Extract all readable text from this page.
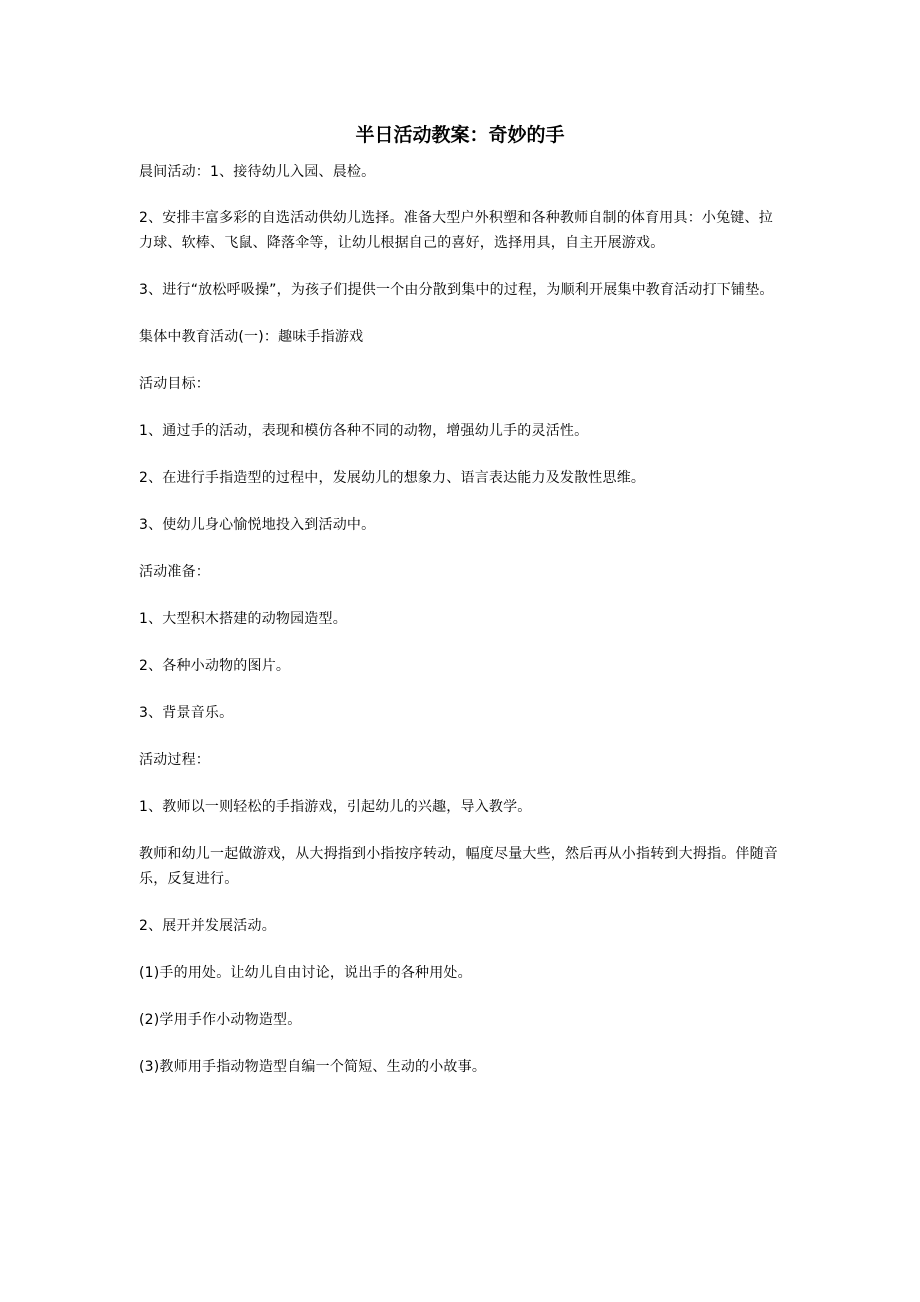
半日活动教案：奇妙的手

晨间活动：1、接待幼儿入园、晨检。

2、安排丰富多彩的自选活动供幼儿选择。准备大型户外积塑和各种教师自制的体育用具：小兔键、拉力球、软棒、飞鼠、降落伞等，让幼儿根据自己的喜好，选择用具，自主开展游戏。

3、进行“放松呼吸操”，为孩子们提供一个由分散到集中的过程，为顺利开展集中教育活动打下铺垫。

集体中教育活动(一)：趣味手指游戏

活动目标：

1、通过手的活动，表现和模仿各种不同的动物，增强幼儿手的灵活性。

2、在进行手指造型的过程中，发展幼儿的想象力、语言表达能力及发散性思维。

3、使幼儿身心愉悦地投入到活动中。

活动准备：

1、大型积木搭建的动物园造型。

2、各种小动物的图片。

3、背景音乐。

活动过程：

1、教师以一则轻松的手指游戏，引起幼儿的兴趣，导入教学。

教师和幼儿一起做游戏，从大拇指到小指按序转动，幅度尽量大些，然后再从小指转到大拇指。伴随音乐，反复进行。

2、展开并发展活动。

(1)手的用处。让幼儿自由讨论，说出手的各种用处。

(2)学用手作小动物造型。

(3)教师用手指动物造型自编一个简短、生动的小故事。
